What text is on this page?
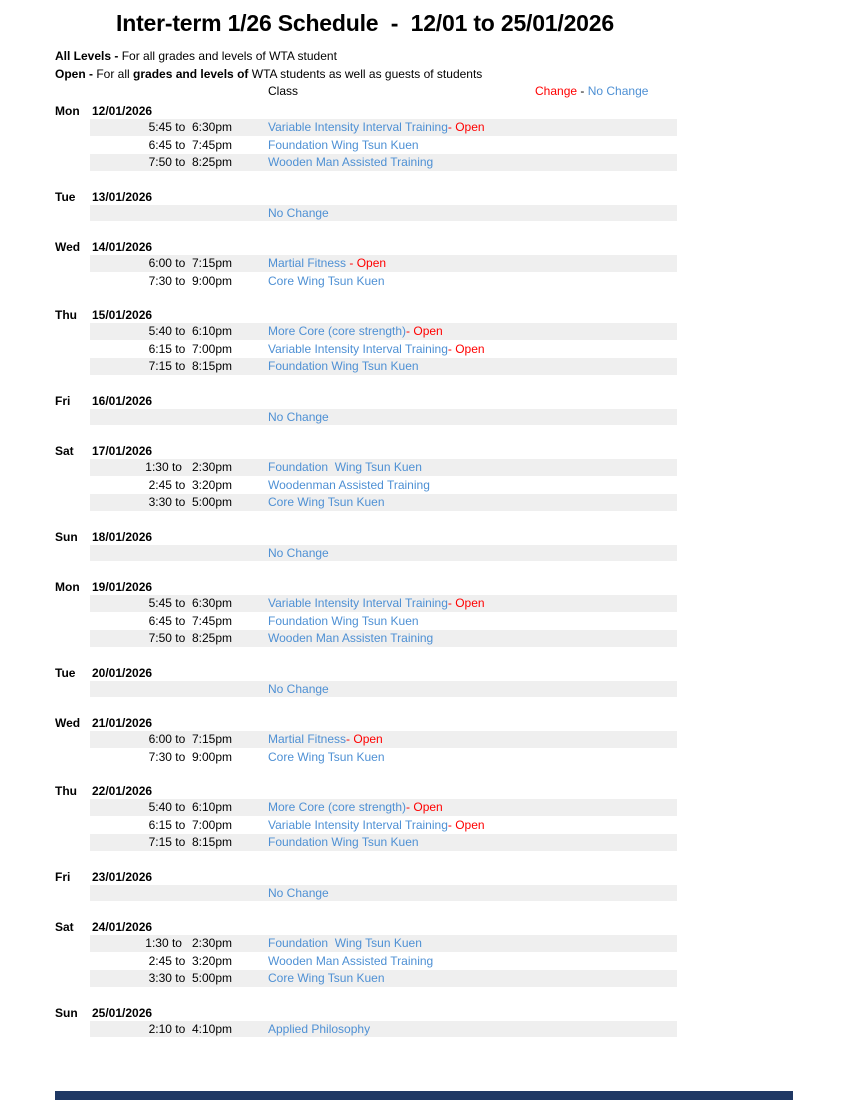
Inter-term 1/26 Schedule  -  12/01 to 25/01/2026
All Levels - For all grades and levels of WTA student
Open - For all grades and levels of WTA students as well as guests of students
Class	Change - No Change
Mon	12/01/2026
5:45 to  6:30pm	Variable Intensity Interval Training - Open
6:45 to  7:45pm	Foundation Wing Tsun Kuen
7:50 to  8:25pm	Wooden Man Assisted Training
Tue	13/01/2026
No Change
Wed 14/01/2026
6:00 to  7:15pm	Martial Fitness - Open
7:30 to  9:00pm	Core Wing Tsun Kuen
Thu	15/01/2026
5:40 to  6:10pm	More Core (core strength) - Open
6:15 to  7:00pm	Variable Intensity Interval Training - Open
7:15 to  8:15pm	Foundation Wing Tsun Kuen
Fri	16/01/2026
No Change
Sat	17/01/2026
1:30 to   2:30pm	Foundation  Wing Tsun Kuen
2:45 to  3:20pm	Woodenman Assisted Training
3:30 to  5:00pm	Core Wing Tsun Kuen
Sun	18/01/2026
No Change
Mon	19/01/2026
5:45 to  6:30pm	Variable Intensity Interval Training - Open
6:45 to  7:45pm	Foundation Wing Tsun Kuen
7:50 to  8:25pm	Wooden Man Assisten Training
Tue	20/01/2026
No Change
Wed 21/01/2026
6:00 to  7:15pm	Martial Fitness - Open
7:30 to  9:00pm	Core Wing Tsun Kuen
Thu	22/01/2026
5:40 to  6:10pm	More Core (core strength) - Open
6:15 to  7:00pm	Variable Intensity Interval Training - Open
7:15 to  8:15pm	Foundation Wing Tsun Kuen
Fri	23/01/2026
No Change
Sat	24/01/2026
1:30 to   2:30pm	Foundation  Wing Tsun Kuen
2:45 to  3:20pm	Wooden Man Assisted Training
3:30 to  5:00pm	Core Wing Tsun Kuen
Sun	25/01/2026
2:10 to  4:10pm	Applied Philosophy
